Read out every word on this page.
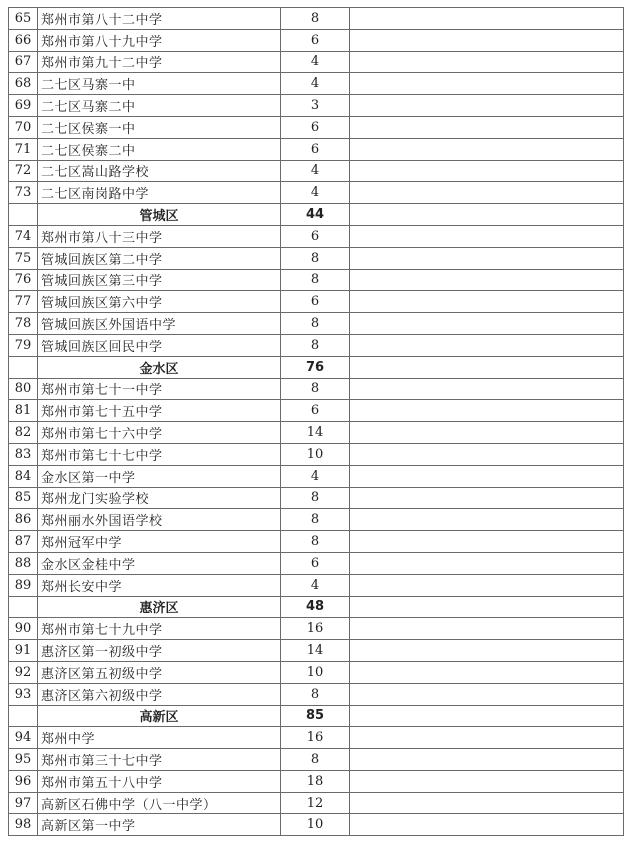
65	郑州市第八十二中学	8	
66	郑州市第八十九中学	6	
67	郑州市第九十二中学	4	
68	二七区马寨一中	4	
69	二七区马寨二中	3	
70	二七区侯寨一中	6	
71	二七区侯寨二中	6	
72	二七区嵩山路学校	4	
73	二七区南岗路中学	4	
	管城区	44	
74	郑州市第八十三中学	6	
75	管城回族区第二中学	8	
76	管城回族区第三中学	8	
77	管城回族区第六中学	6	
78	管城回族区外国语中学	8	
79	管城回族区回民中学	8	
	金水区	76	
80	郑州市第七十一中学	8	
81	郑州市第七十五中学	6	
82	郑州市第七十六中学	14	
83	郑州市第七十七中学	10	
84	金水区第一中学	4	
85	郑州龙门实验学校	8	
86	郑州丽水外国语学校	8	
87	郑州冠军中学	8	
88	金水区金桂中学	6	
89	郑州长安中学	4	
	惠济区	48	
90	郑州市第七十九中学	16	
91	惠济区第一初级中学	14	
92	惠济区第五初级中学	10	
93	惠济区第六初级中学	8	
	高新区	85	
94	郑州中学	16	
95	郑州市第三十七中学	8	
96	郑州市第五十八中学	18	
97	高新区石佛中学（八一中学）	12	
98	高新区第一中学	10	
